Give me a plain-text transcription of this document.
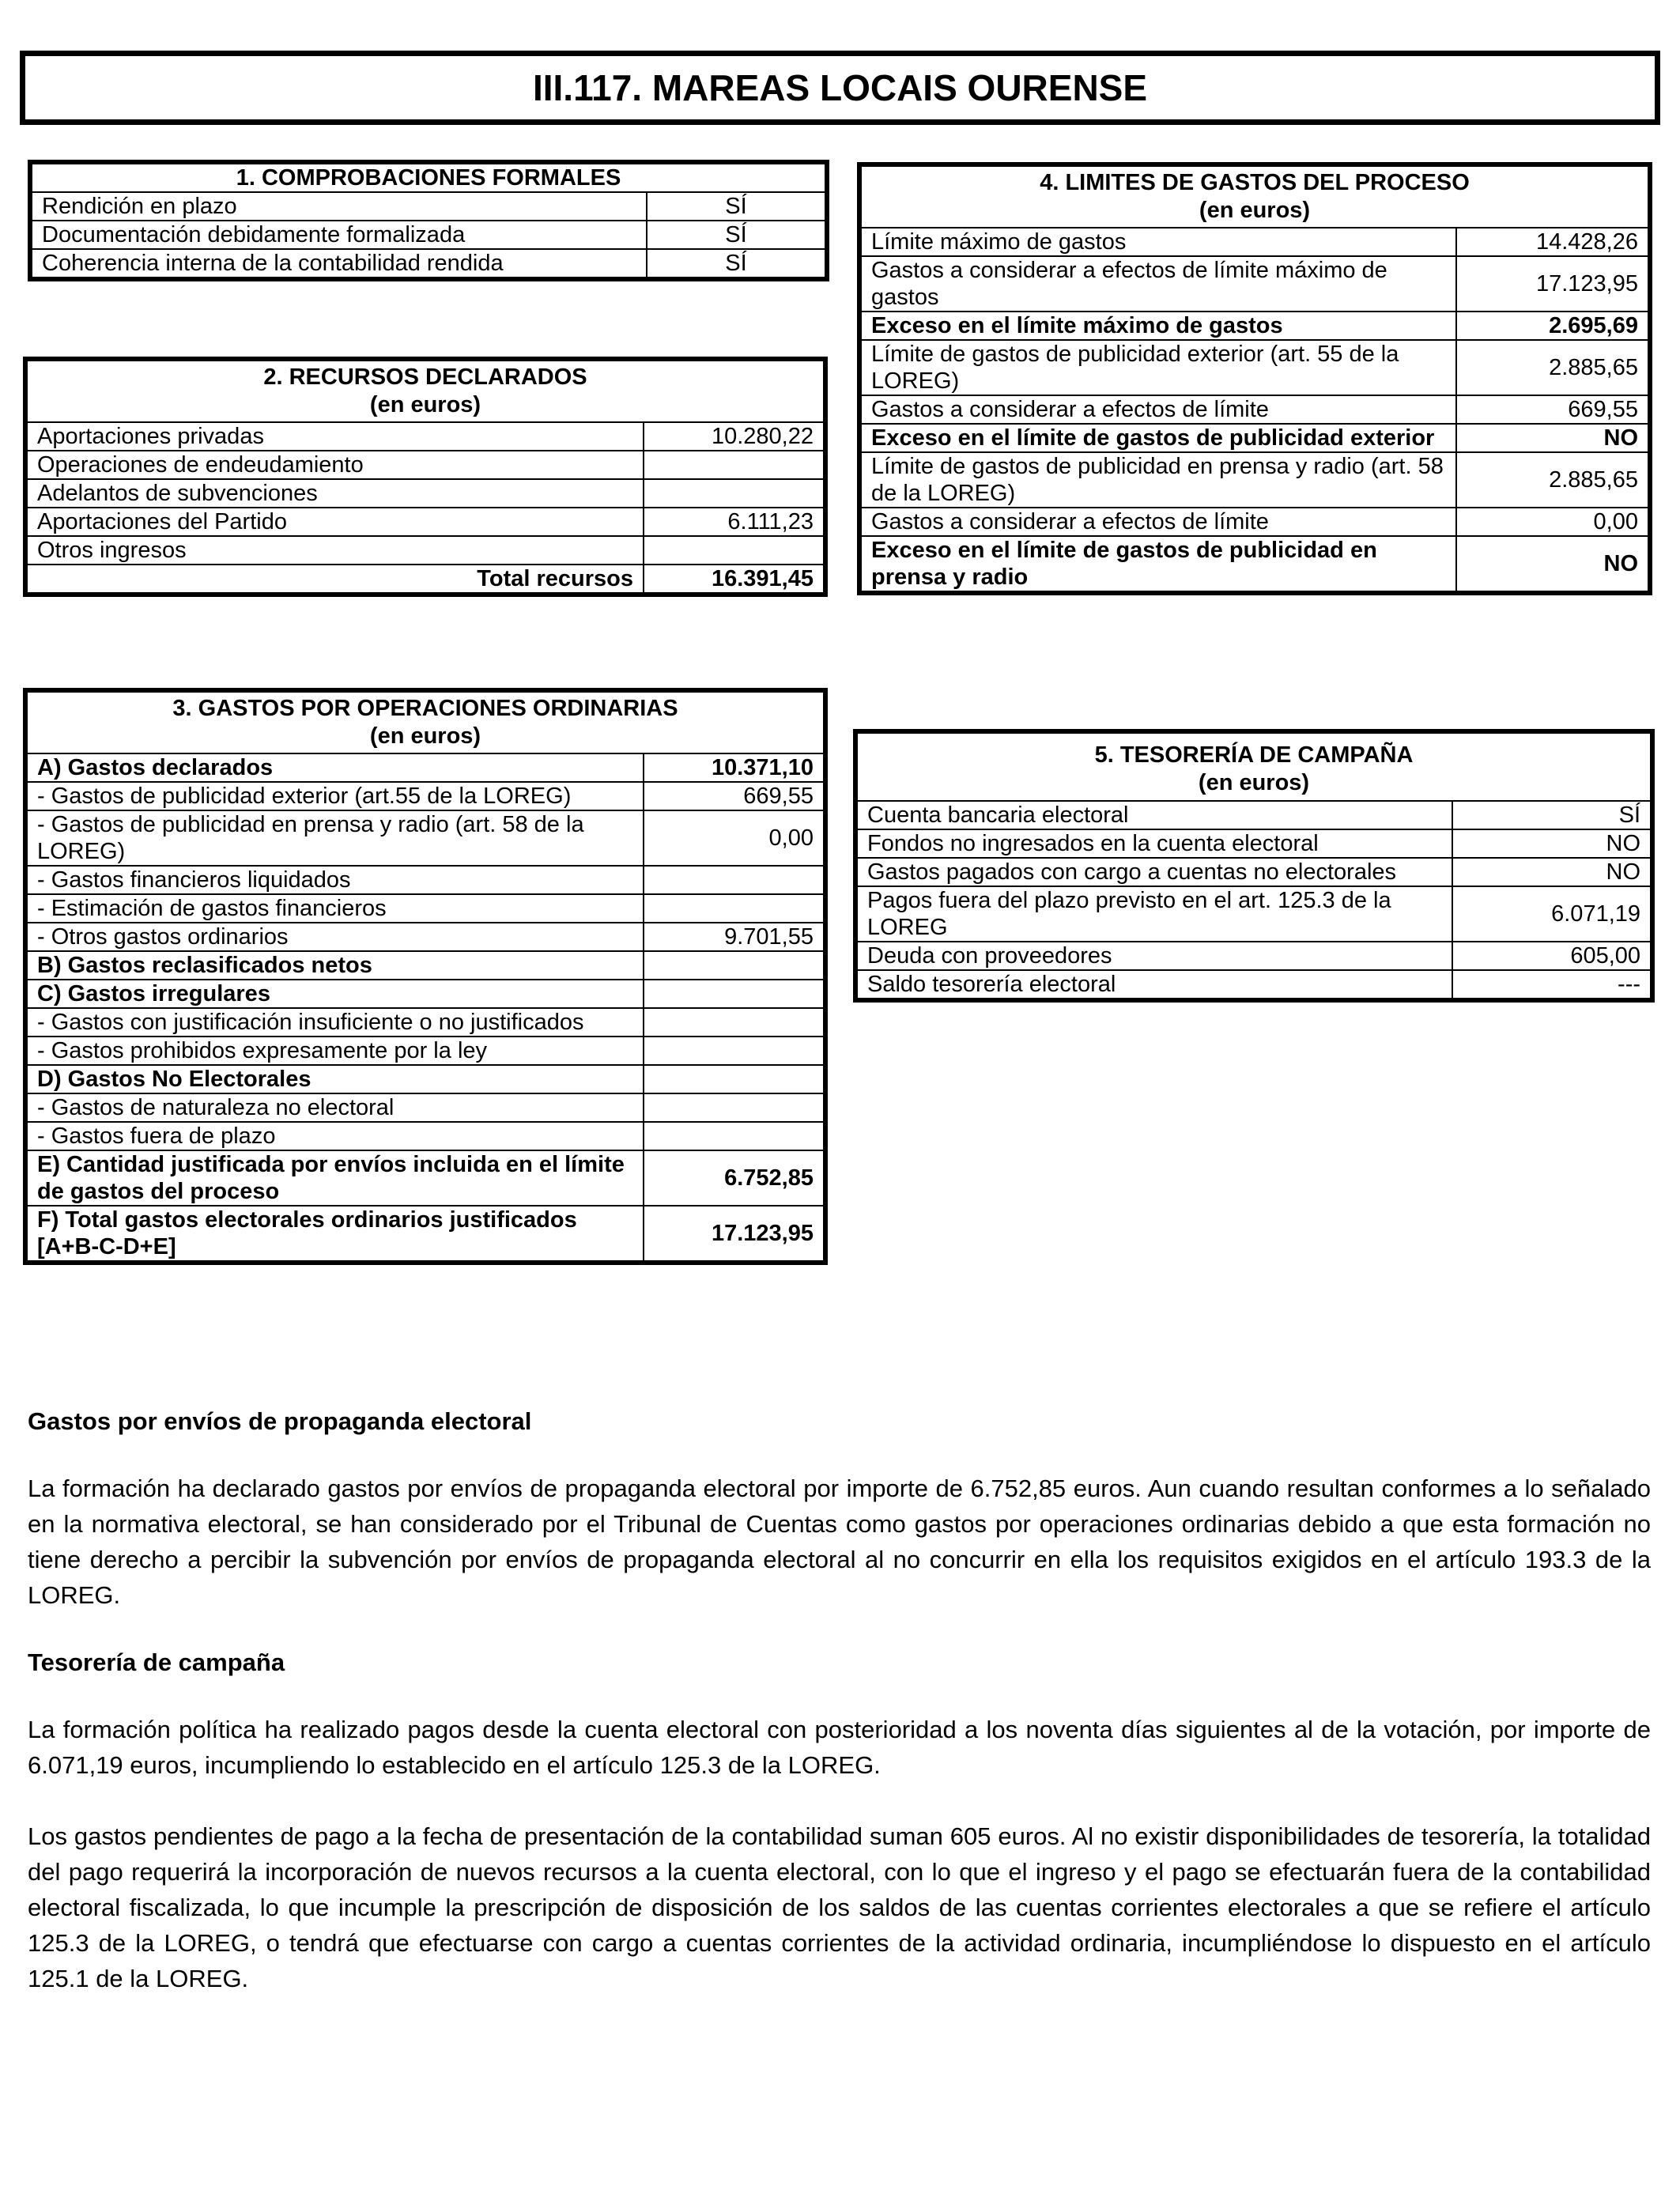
III.117. MAREAS LOCAIS OURENSE
1. COMPROBACIONES FORMALES	
Rendición en plazo	SÍ
Documentación debidamente formalizada	SÍ
Coherencia interna de la contabilidad rendida	SÍ
2. RECURSOS DECLARADOS
(en euros)	

Aportaciones privadas	10.280,22
Operaciones de endeudamiento	
Adelantos de subvenciones	
Aportaciones del Partido	6.111,23
Otros ingresos	
Total recursos	16.391,45
3. GASTOS POR OPERACIONES ORDINARIAS
(en euros)	

A) Gastos declarados	10.371,10
- Gastos de publicidad exterior (art.55 de la LOREG)	669,55
- Gastos de publicidad en prensa y radio (art. 58 de la LOREG)	0,00
- Gastos financieros liquidados	
- Estimación de gastos financieros	
- Otros gastos ordinarios	9.701,55
B) Gastos reclasificados netos	
C) Gastos irregulares	
- Gastos con justificación insuficiente o no justificados	
- Gastos prohibidos expresamente por la ley	
D) Gastos No Electorales	
- Gastos de naturaleza no electoral	
- Gastos fuera de plazo	
E) Cantidad justificada por envíos incluida en el límite de gastos del proceso	6.752,85
F) Total gastos electorales ordinarios justificados [A+B-C-D+E]	17.123,95
4. LIMITES DE GASTOS DEL PROCESO
(en euros)	

Límite máximo de gastos	14.428,26
Gastos a considerar a efectos de límite máximo de gastos	17.123,95
Exceso en el límite máximo de gastos	2.695,69
Límite de gastos de publicidad exterior (art. 55 de la LOREG)	2.885,65
Gastos a considerar a efectos de límite	669,55
Exceso en el límite de gastos de publicidad exterior	NO
Límite de gastos de publicidad en prensa y radio (art. 58 de la LOREG)	2.885,65
Gastos a considerar a efectos de límite	0,00
Exceso en el límite de gastos de publicidad en prensa y radio	NO
5. TESORERÍA DE CAMPAÑA
(en euros)	

Cuenta bancaria electoral	SÍ
Fondos no ingresados en la cuenta electoral	NO
Gastos pagados con cargo a cuentas no electorales	NO
Pagos fuera del plazo previsto en el art. 125.3 de la LOREG	6.071,19
Deuda con proveedores	605,00
Saldo tesorería electoral	---
Gastos por envíos de propaganda electoral
La formación ha declarado gastos por envíos de propaganda electoral por importe de 6.752,85 euros. Aun cuando resultan conformes a lo señalado en la normativa electoral, se han considerado por el Tribunal de Cuentas como gastos por operaciones ordinarias debido a que esta formación no tiene derecho a percibir la subvención por envíos de propaganda electoral al no concurrir en ella los requisitos exigidos en el artículo 193.3 de la LOREG.
Tesorería de campaña
La formación política ha realizado pagos desde la cuenta electoral con posterioridad a los noventa días siguientes al de la votación, por importe de 6.071,19 euros, incumpliendo lo establecido en el artículo 125.3 de la LOREG.
Los gastos pendientes de pago a la fecha de presentación de la contabilidad suman 605 euros. Al no existir disponibilidades de tesorería, la totalidad del pago requerirá la incorporación de nuevos recursos a la cuenta electoral, con lo que el ingreso y el pago se efectuarán fuera de la contabilidad electoral fiscalizada, lo que incumple la prescripción de disposición de los saldos de las cuentas corrientes electorales a que se refiere el artículo 125.3 de la LOREG, o tendrá que efectuarse con cargo a cuentas corrientes de la actividad ordinaria, incumpliéndose lo dispuesto en el artículo 125.1 de la LOREG.
